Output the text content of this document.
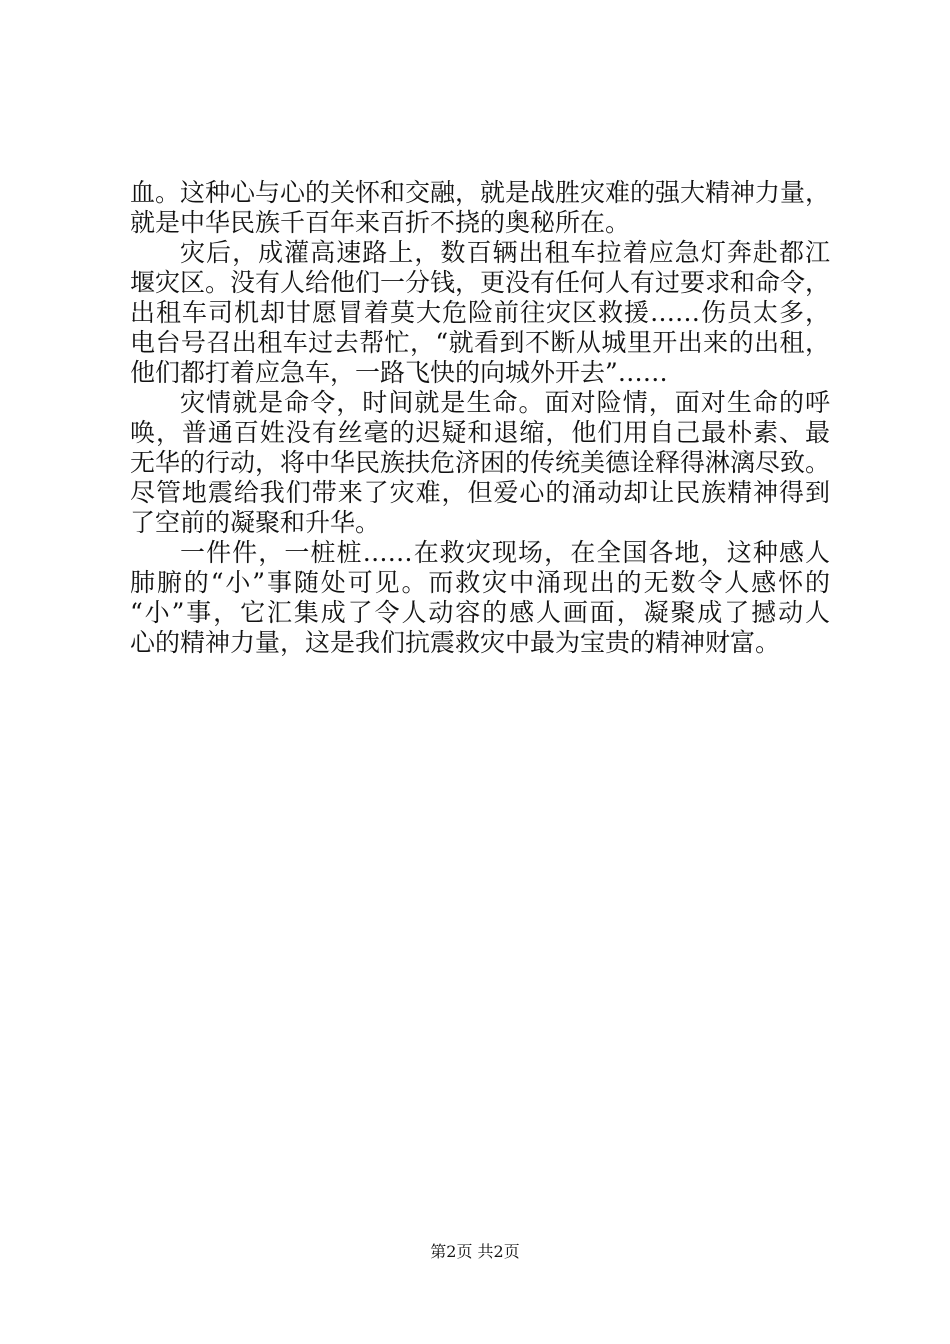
血。这种心与心的关怀和交融，就是战胜灾难的强大精神力量，
就是中华民族千百年来百折不挠的奥秘所在。
灾后，成灌高速路上，数百辆出租车拉着应急灯奔赴都江
堰灾区。没有人给他们一分钱，更没有任何人有过要求和命令，
出租车司机却甘愿冒着莫大危险前往灾区救援……伤员太多，
电台号召出租车过去帮忙，“就看到不断从城里开出来的出租，
他们都打着应急车，一路飞快的向城外开去”……
灾情就是命令，时间就是生命。面对险情，面对生命的呼
唤，普通百姓没有丝毫的迟疑和退缩，他们用自己最朴素、最
无华的行动，将中华民族扶危济困的传统美德诠释得淋漓尽致。
尽管地震给我们带来了灾难，但爱心的涌动却让民族精神得到
了空前的凝聚和升华。
一件件，一桩桩……在救灾现场，在全国各地，这种感人
肺腑的“小”事随处可见。而救灾中涌现出的无数令人感怀的
“小”事，它汇集成了令人动容的感人画面，凝聚成了撼动人
心的精神力量，这是我们抗震救灾中最为宝贵的精神财富。
第2页 共2页
